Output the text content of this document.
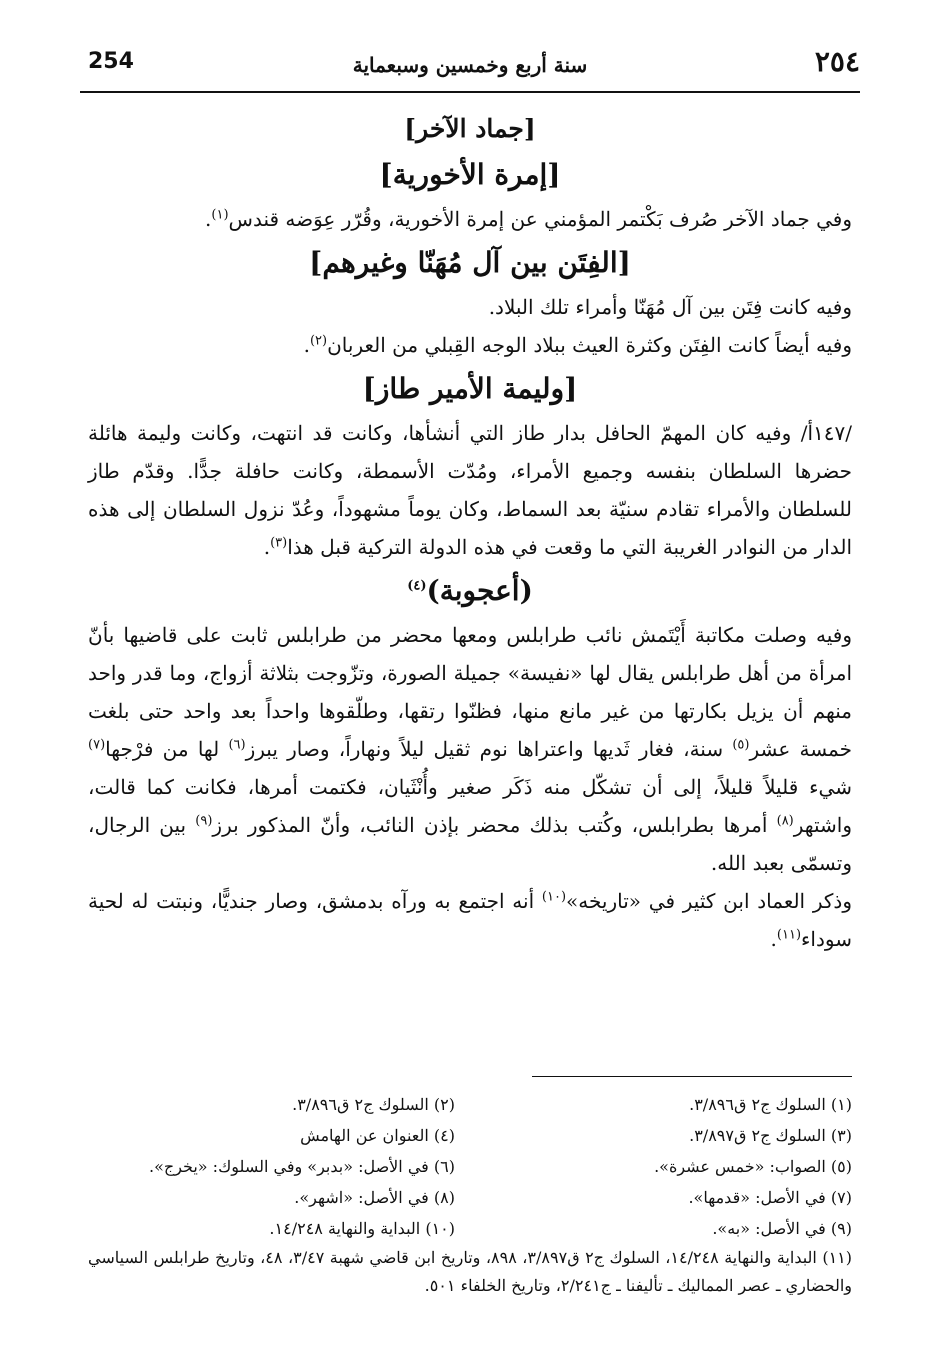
254	سنة أربع وخمسين وسبعماية	٢٥٤
[جماد الآخر]
[إمرة الأخورية]

وفي جماد الآخر صُرف بَكْتمر المؤمني عن إمرة الأخورية، وقُرّر عِوَضه قندس$^{(١)}$.

[الفِتَن بين آل مُهَنّا وغيرهم]

وفيه كانت فِتَن بين آل مُهَنّا وأمراء تلك البلاد.

وفيه أيضاً كانت الفِتَن وكثرة العيث ببلاد الوجه القِبلي من العربان$^{(٢)}$.

[وليمة الأمير طاز]

/١٤٧أ/ وفيه كان المهمّ الحافل بدار طاز التي أنشأها، وكانت قد انتهت، وكانت وليمة هائلة حضرها السلطان بنفسه وجميع الأمراء، ومُدّت الأسمطة، وكانت حافلة جدًّا. وقدّم طاز للسلطان والأمراء تقادم سنيّة بعد السماط، وكان يوماً مشهوداً، وعُدّ نزول السلطان إلى هذه الدار من النوادر الغريبة التي ما وقعت في هذه الدولة التركية قبل هذا$^{(٣)}$.

(أعجوبة)$^{(٤)}$

وفيه وصلت مكاتبة أَيْتَمش نائب طرابلس ومعها محضر من طرابلس ثابت على قاضيها بأنّ امرأة من أهل طرابلس يقال لها «نفيسة» جميلة الصورة، وتزّوجت بثلاثة أزواج، وما قدر واحد منهم أن يزيل بكارتها من غير مانع منها، فظنّوا رتقها، وطلّقوها واحداً بعد واحد حتى بلغت خمسة عشر$^{(٥)}$ سنة، فغار ثَديها واعتراها نوم ثقيل ليلاً ونهاراً، وصار يبرز$^{(٦)}$ لها من فرْجها$^{(٧)}$ شيء قليلاً قليلاً، إلى أن تشكّل منه ذَكَر صغير وأُنْثَيان، فكتمت أمرها، فكانت كما قالت، واشتهر$^{(٨)}$ أمرها بطرابلس، وكُتب بذلك محضر بإذن النائب، وأنّ المذكور برز$^{(٩)}$ بين الرجال، وتسمّى بعبد الله.

وذكر العماد ابن كثير في «تاريخه»$^{(١٠)}$ أنه اجتمع به ورآه بدمشق، وصار جنديًّا، ونبتت له لحية سوداء$^{(١١)}$.

(١) السلوك ج٢ ق٣/٨٩٦.
(٢) السلوك ج٢ ق٣/٨٩٦.
(٣) السلوك ج٢ ق٣/٨٩٧.
(٤) العنوان عن الهامش
(٥) الصواب: «خمس عشرة».
(٦) في الأصل: «بدبر» وفي السلوك: «يخرج».
(٧) في الأصل: «قدمها».
(٨) في الأصل: «اشهر».
(٩) في الأصل: «به».
(١٠) البداية والنهاية ١٤/٢٤٨.
(١١) البداية والنهاية ١٤/٢٤٨، السلوك ج٢ ق٣/٨٩٧، ٨٩٨، وتاريخ ابن قاضي شهبة ٣/٤٧، ٤٨، وتاريخ طرابلس السياسي والحضاري ـ عصر المماليك ـ تأليفنا ـ ج٢/٢٤١، وتاريخ الخلفاء ٥٠١.
